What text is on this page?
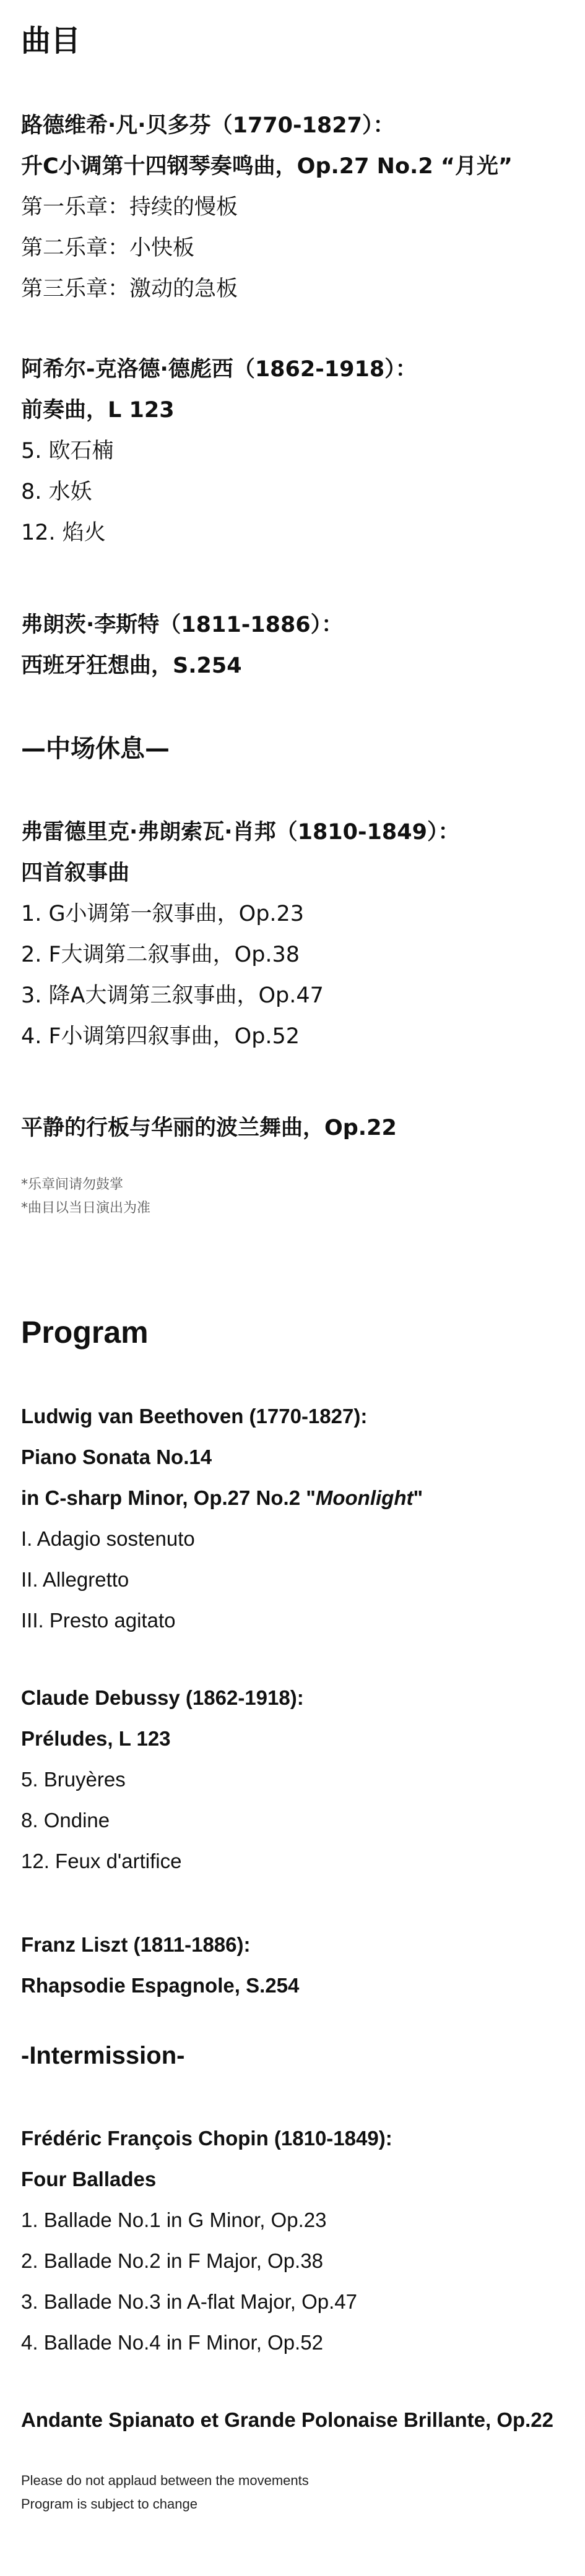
曲目
路德维希·凡·贝多芬（1770-1827）：
升C小调第十四钢琴奏鸣曲，Op.27 No.2 “月光”
第一乐章：持续的慢板
第二乐章：小快板
第三乐章：激动的急板
阿希尔-克洛德·德彪西（1862-1918）：
前奏曲，L 123
5. 欧石楠
8. 水妖
12. 焰火
弗朗茨·李斯特（1811-1886）：
西班牙狂想曲，S.254
—中场休息—
弗雷德里克·弗朗索瓦·肖邦（1810-1849）：
四首叙事曲
1. G小调第一叙事曲，Op.23
2. F大调第二叙事曲，Op.38
3. 降A大调第三叙事曲，Op.47
4. F小调第四叙事曲，Op.52
平静的行板与华丽的波兰舞曲，Op.22
*乐章间请勿鼓掌
*曲目以当日演出为准
Program
Ludwig van Beethoven (1770-1827):
Piano Sonata No.14
in C-sharp Minor, Op.27 No.2 "Moonlight"
I. Adagio sostenuto
II. Allegretto
III. Presto agitato
Claude Debussy (1862-1918):
Préludes, L 123
5. Bruyères
8. Ondine
12. Feux d'artifice
Franz Liszt (1811-1886):
Rhapsodie Espagnole, S.254
-Intermission-
Frédéric François Chopin (1810-1849):
Four Ballades
1. Ballade No.1 in G Minor, Op.23
2. Ballade No.2 in F Major, Op.38
3. Ballade No.3 in A-flat Major, Op.47
4. Ballade No.4 in F Minor, Op.52
Andante Spianato et Grande Polonaise Brillante, Op.22
Please do not applaud between the movements
Program is subject to change
